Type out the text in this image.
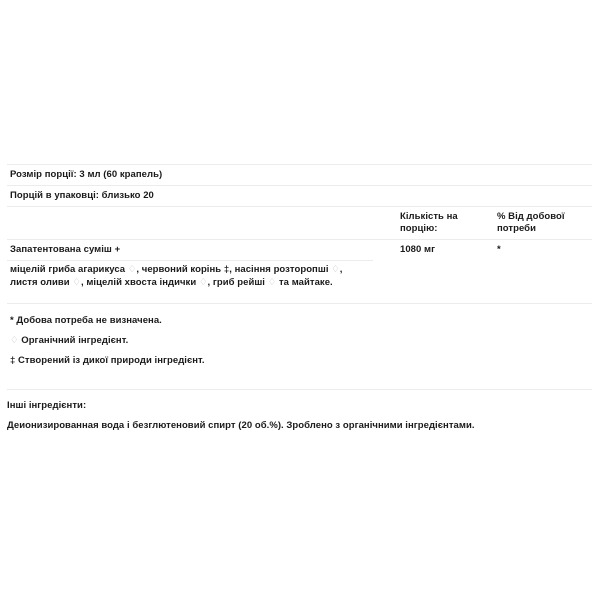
Розмір порції: 3 мл (60 крапель)
Порцій в упаковці: близько 20
Кількість на порцію:
% Від добової потреби
Запатентована суміш +	1080 мг	*
міцелій гриба агарикуса ♢, червоний корінь ‡, насіння розторопші ♢, листя оливи ♢, міцелій хвоста індички ♢, гриб рейші ♢ та майтаке.
* Добова потреба не визначена.
♢ Органічний інгредієнт.
‡ Створений із дикої природи інгредієнт.
Інші інгредієнти:
Деионизированная вода і безглютеновий спирт (20 об.%). Зроблено з органічними інгредієнтами.
